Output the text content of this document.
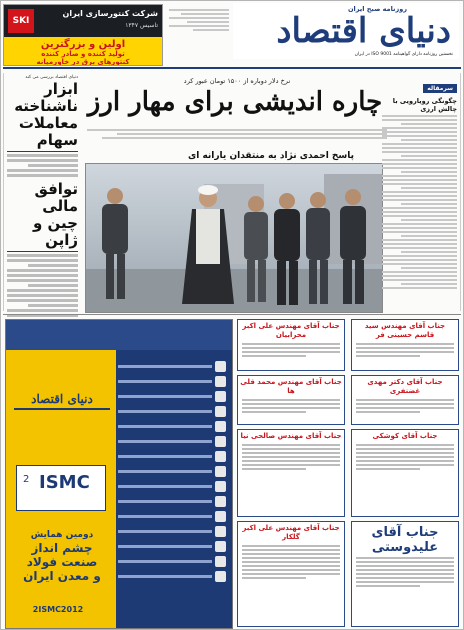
SKI
شرکت کنتورسازی ایران
تاسیس ۱۳۴۷
اولین و بزرگترین
تولید کننده و صادر کننده
کنتورهای برق در خاورمیانه
روزنامه صبح ایران
دنیای اقتصاد
نخستین روزنامه دارای گواهینامه ISO 9001 در ایران
دنیای اقتصاد بررسی می کند
ابزار ناشناخته معاملات سهام
توافق مالی چین و ژاپن
نرخ دلار دوباره از ۱۵۰۰ تومان عبور کرد
چاره اندیشی برای مهار ارز
پاسخ احمدی نژاد به منتقدان یارانه ای
سرمقاله
چگونگی رویارویی با چالش ارزی
دنیای اقتصاد
2 ISMC
دومین همایش
چشم انداز صنعت فولاد
و معدن ایران
2ISMC2012
جناب آقای مهندس علی اکبر محرابیان
جناب آقای مهندس سید قاسم حسینی فر
جناب آقای مهندس محمد قلی ها
جناب آقای دکتر مهدی غضنفری
جناب آقای مهندس صالحی نیا	جناب آقای کوشکی
جناب آقای مهندس علی اکبر گلکار	جناب آقای علیدوستی
